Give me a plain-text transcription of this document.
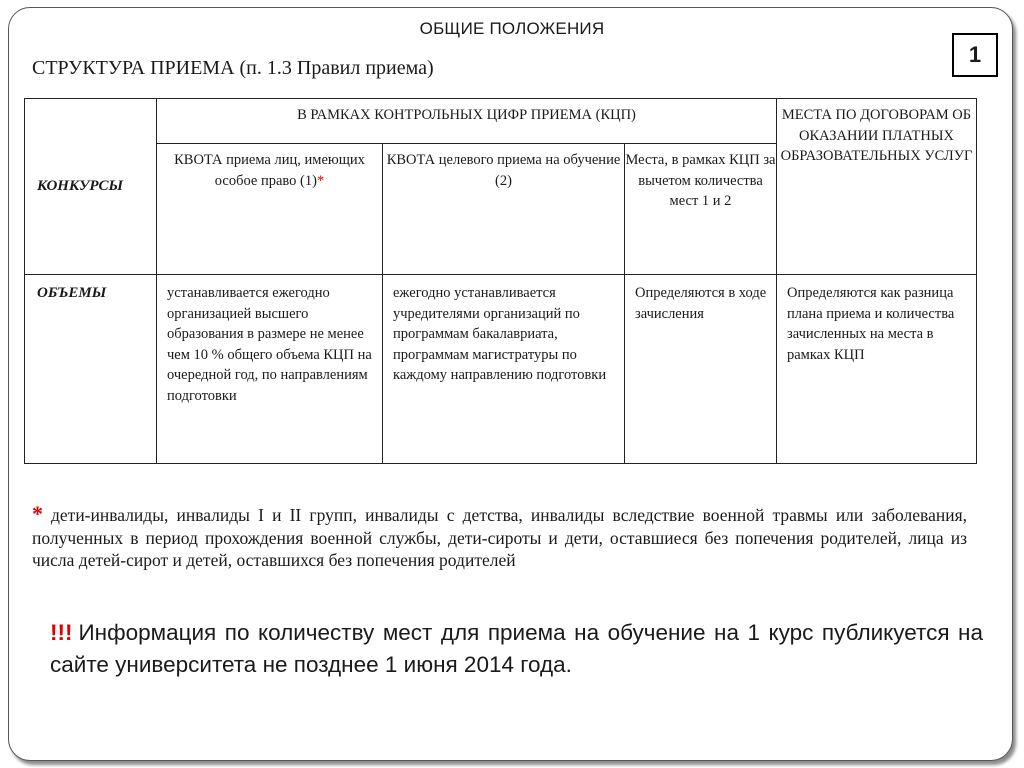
ОБЩИЕ ПОЛОЖЕНИЯ
1
СТРУКТУРА ПРИЕМА (п. 1.3 Правил приема)
КОНКУРСЫ	В РАМКАХ КОНТРОЛЬНЫХ ЦИФР ПРИЕМА (КЦП)			МЕСТА ПО ДОГОВОРАМ ОБ ОКАЗАНИИ ПЛАТНЫХ ОБРАЗОВАТЕЛЬНЫХ УСЛУГ
	КВОТА приема лиц, имеющих особое право (1)*	КВОТА целевого приема на обучение (2)	Места, в рамках КЦП за вычетом количества мест 1 и 2	
ОБЪЕМЫ	устанавливается ежегодно организацией высшего образования в размере не менее чем 10 % общего объема КЦП на очередной год, по направлениям подготовки	ежегодно устанавливается учредителями организаций по программам бакалавриата, программам магистратуры по каждому направлению подготовки	Определяются в ходе зачисления	Определяются как разница плана приема и количества зачисленных на места в рамках КЦП
* дети-инвалиды, инвалиды I и II групп, инвалиды с детства, инвалиды вследствие военной травмы или заболевания, полученных в период прохождения военной службы, дети-сироты и дети, оставшиеся без попечения родителей, лица из числа детей-сирот и детей, оставшихся без попечения родителей
!!! Информация по количеству мест для приема на обучение на 1 курс публикуется на сайте университета не позднее 1 июня 2014 года.
